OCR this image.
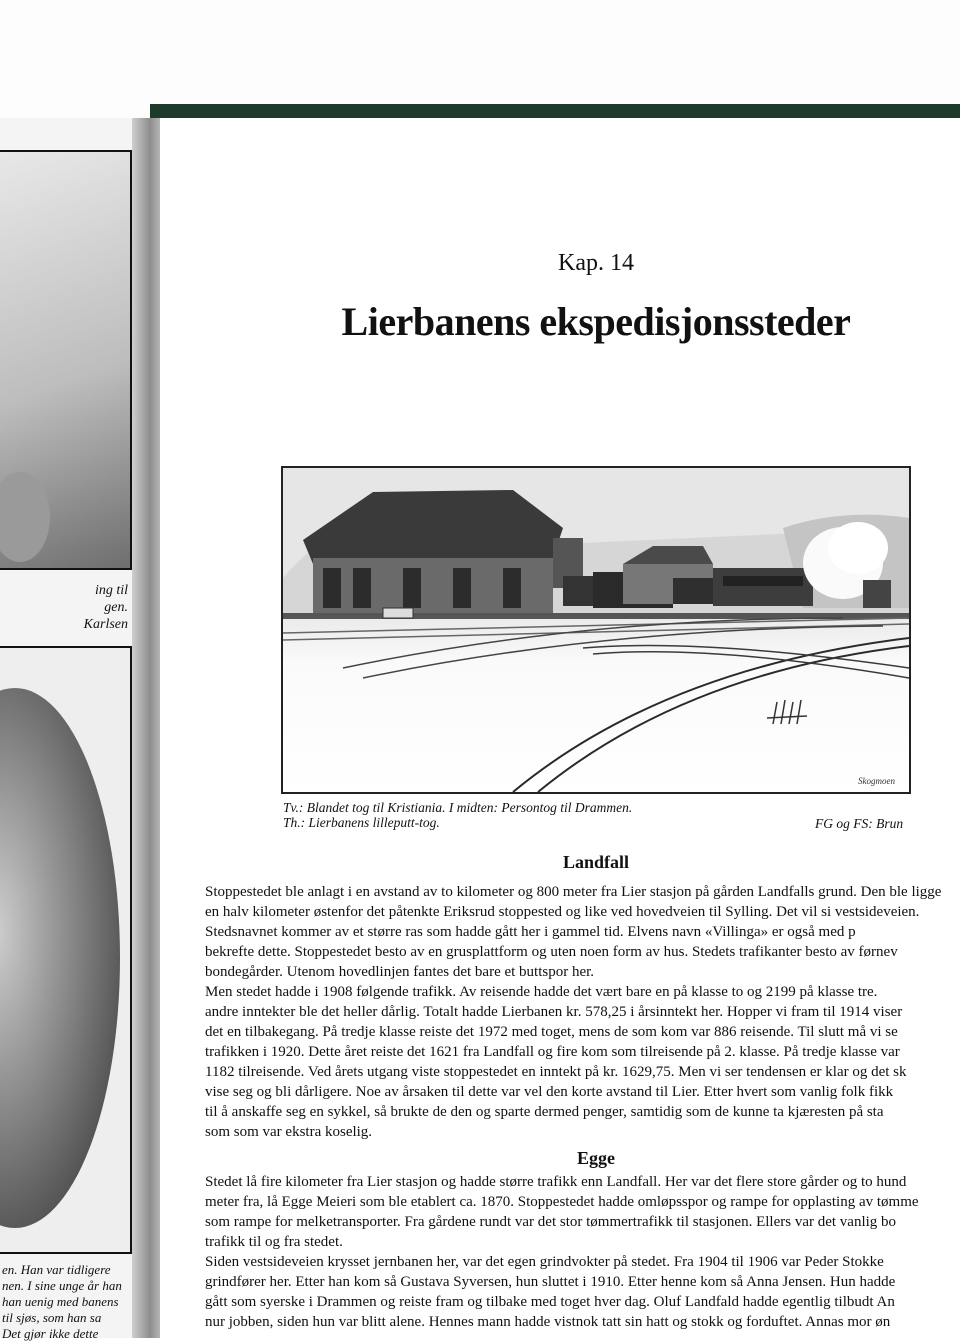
ing til
gen.
Karlsen
en. Han var tidligere
nen. I sine unge år han
han uenig med banens
til sjøs, som han sa
Det gjør ikke dette
Kap. 14
Lierbanens ekspedisjonssteder
Skogmoen
Tv.: Blandet tog til Kristiania. I midten: Persontog til Drammen.
Th.: Lierbanens lilleputt-tog.	FG og FS: Brun
Landfall
Stoppestedet ble anlagt i en avstand av to kilometer og 800 meter fra Lier stasjon på gården Landfalls grund. Den ble ligge
en halv kilometer østenfor det påtenkte Eriksrud stoppested og like ved hovedveien til Sylling. Det vil si vestsideveien.
Stedsnavnet kommer av et større ras som hadde gått her i gammel tid. Elvens navn «Villinga» er også med p
bekrefte dette. Stoppestedet besto av en grusplattform og uten noen form av hus. Stedets trafikanter besto av førnev
bondegårder. Utenom hovedlinjen fantes det bare et buttspor her.
Men stedet hadde i 1908 følgende trafikk. Av reisende hadde det vært bare en på klasse to og 2199 på klasse tre.
andre inntekter ble det heller dårlig. Totalt hadde Lierbanen kr. 578,25 i årsinntekt her. Hopper vi fram til 1914 viser
det en tilbakegang. På tredje klasse reiste det 1972 med toget, mens de som kom var 886 reisende. Til slutt må vi se
trafikken i 1920. Dette året reiste det 1621 fra Landfall og fire kom som tilreisende på 2. klasse. På tredje klasse var
1182 tilreisende. Ved årets utgang viste stoppestedet en inntekt på kr. 1629,75. Men vi ser tendensen er klar og det sk
vise seg og bli dårligere. Noe av årsaken til dette var vel den korte avstand til Lier. Etter hvert som vanlig folk fikk
til å anskaffe seg en sykkel, så brukte de den og sparte dermed penger, samtidig som de kunne ta kjæresten på sta
som som var ekstra koselig.
Egge
Stedet lå fire kilometer fra Lier stasjon og hadde større trafikk enn Landfall. Her var det flere store gårder og to hund
meter fra, lå Egge Meieri som ble etablert ca. 1870. Stoppestedet hadde omløpsspor og rampe for opplasting av tømme
som rampe for melketransporter. Fra gårdene rundt var det stor tømmertrafikk til stasjonen. Ellers var det vanlig bo
trafikk til og fra stedet.
Siden vestsideveien krysset jernbanen her, var det egen grindvokter på stedet. Fra 1904 til 1906 var Peder Stokke
grindfører her. Etter han kom så Gustava Syversen, hun sluttet i 1910. Etter henne kom så Anna Jensen. Hun hadde
gått som syerske i Drammen og reiste fram og tilbake med toget hver dag. Oluf Landfald hadde egentlig tilbudt An
nur jobben, siden hun var blitt alene. Hennes mann hadde vistnok tatt sin hatt og stokk og forduftet. Annas mor øn
